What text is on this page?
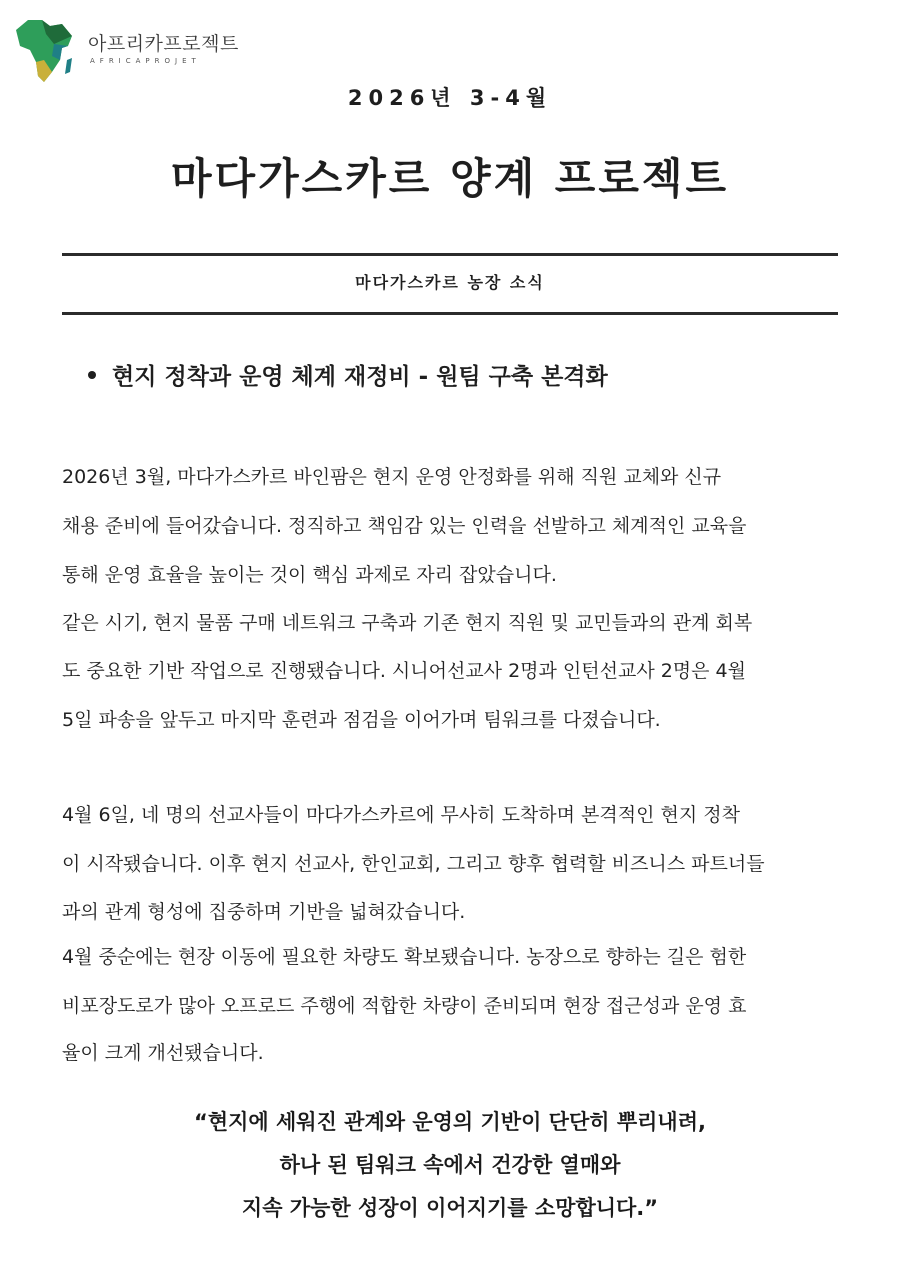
아프리카프로젝트
AFRICAPROJET
2026년 3-4월
마다가스카르 양계 프로젝트
마다가스카르 농장 소식
현지 정착과 운영 체계 재정비 - 원팀 구축 본격화
2026년 3월, 마다가스카르 바인팜은 현지 운영 안정화를 위해 직원 교체와 신규
채용 준비에 들어갔습니다. 정직하고 책임감 있는 인력을 선발하고 체계적인 교육을
통해 운영 효율을 높이는 것이 핵심 과제로 자리 잡았습니다.
같은 시기, 현지 물품 구매 네트워크 구축과 기존 현지 직원 및 교민들과의 관계 회복
도 중요한 기반 작업으로 진행됐습니다. 시니어선교사 2명과 인턴선교사 2명은 4월
5일 파송을 앞두고 마지막 훈련과 점검을 이어가며 팀워크를 다졌습니다.
4월 6일, 네 명의 선교사들이 마다가스카르에 무사히 도착하며 본격적인 현지 정착
이 시작됐습니다. 이후 현지 선교사, 한인교회, 그리고 향후 협력할 비즈니스 파트너들
과의 관계 형성에 집중하며 기반을 넓혀갔습니다.
4월 중순에는 현장 이동에 필요한 차량도 확보됐습니다. 농장으로 향하는 길은 험한
비포장도로가 많아 오프로드 주행에 적합한 차량이 준비되며 현장 접근성과 운영 효
율이 크게 개선됐습니다.
“현지에 세워진 관계와 운영의 기반이 단단히 뿌리내려,
하나 된 팀워크 속에서 건강한 열매와
지속 가능한 성장이 이어지기를 소망합니다.”
